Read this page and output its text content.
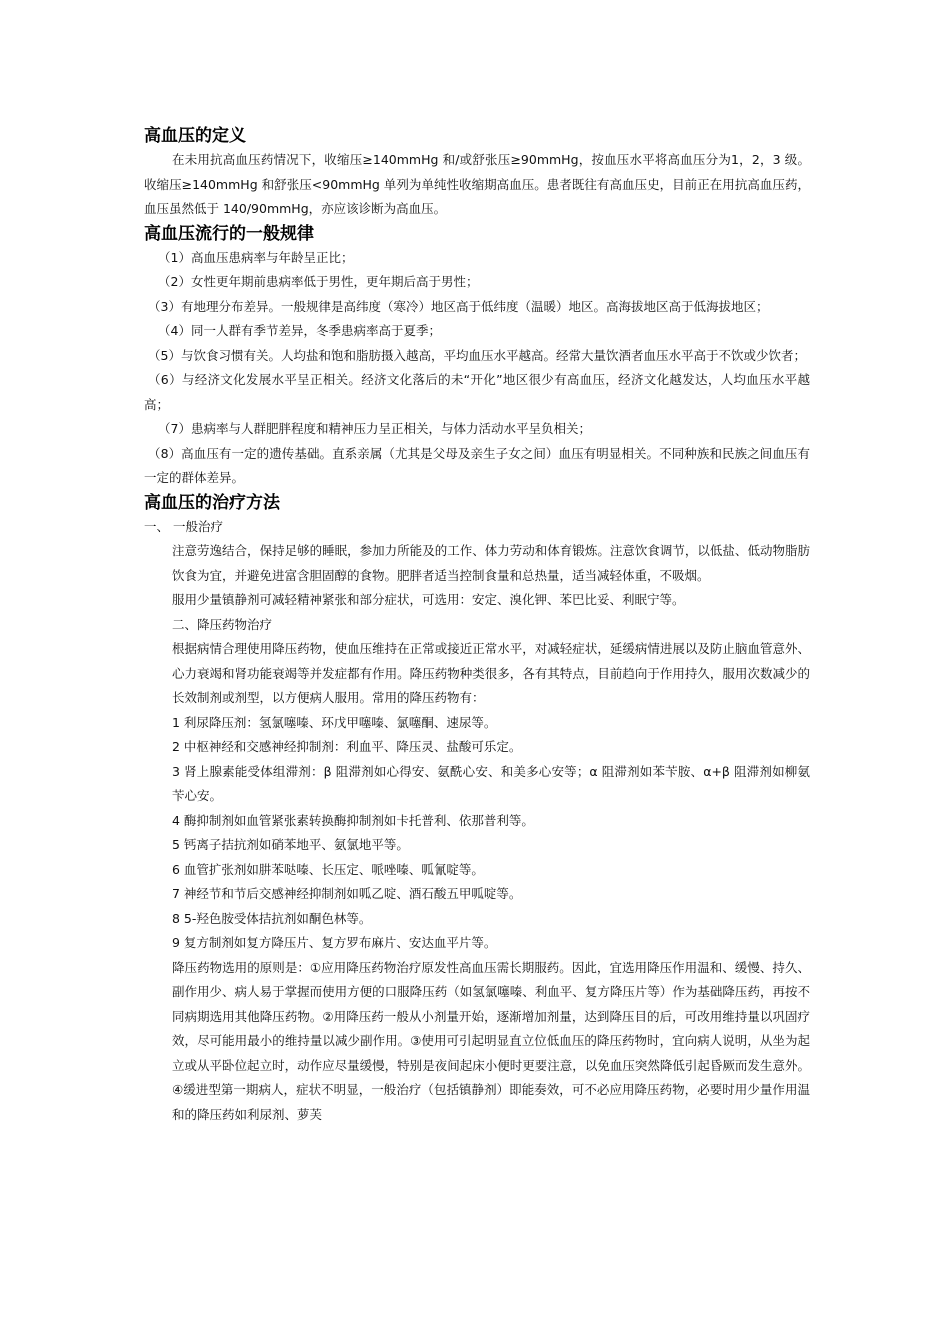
高血压的定义

在未用抗高血压药情况下，收缩压≥140mmHg 和/或舒张压≥90mmHg，按血压水平将高血压分为1，2，3 级。收缩压≥140mmHg 和舒张压<90mmHg 单列为单纯性收缩期高血压。患者既往有高血压史，目前正在用抗高血压药，血压虽然低于 140/90mmHg，亦应该诊断为高血压。

高血压流行的一般规律

（1）高血压患病率与年龄呈正比；

（2）女性更年期前患病率低于男性，更年期后高于男性；

（3）有地理分布差异。一般规律是高纬度（寒冷）地区高于低纬度（温暖）地区。高海拔地区高于低海拔地区；

（4）同一人群有季节差异，冬季患病率高于夏季；

（5）与饮食习惯有关。人均盐和饱和脂肪摄入越高，平均血压水平越高。经常大量饮酒者血压水平高于不饮或少饮者；

（6）与经济文化发展水平呈正相关。经济文化落后的未“开化”地区很少有高血压，经济文化越发达，人均血压水平越高；

（7）患病率与人群肥胖程度和精神压力呈正相关，与体力活动水平呈负相关；

（8）高血压有一定的遗传基础。直系亲属（尤其是父母及亲生子女之间）血压有明显相关。不同种族和民族之间血压有一定的群体差异。

高血压的治疗方法

一、 一般治疗

注意劳逸结合，保持足够的睡眠，参加力所能及的工作、体力劳动和体育锻炼。注意饮食调节，以低盐、低动物脂肪饮食为宜，并避免进富含胆固醇的食物。肥胖者适当控制食量和总热量，适当减轻体重，不吸烟。

服用少量镇静剂可减轻精神紧张和部分症状，可选用：安定、溴化钾、苯巴比妥、利眠宁等。

二、降压药物治疗

根据病情合理使用降压药物，使血压维持在正常或接近正常水平，对减轻症状，延缓病情进展以及防止脑血管意外、心力衰竭和肾功能衰竭等并发症都有作用。降压药物种类很多，各有其特点，目前趋向于作用持久，服用次数减少的长效制剂或剂型，以方便病人服用。常用的降压药物有：

1 利尿降压剂：氢氯噻嗪、环戊甲噻嗪、氯噻酮、速尿等。

2 中枢神经和交感神经抑制剂：利血平、降压灵、盐酸可乐定。

3 肾上腺素能受体组滞剂：β 阻滞剂如心得安、氨酰心安、和美多心安等；α 阻滞剂如苯苄胺、α+β 阻滞剂如柳氨苄心安。

4 酶抑制剂如血管紧张素转换酶抑制剂如卡托普利、依那普利等。

5 钙离子拮抗剂如硝苯地平、氨氯地平等。

6 血管扩张剂如肼苯哒嗪、长压定、哌唑嗪、呱氰啶等。

7 神经节和节后交感神经抑制剂如呱乙啶、酒石酸五甲呱啶等。

8 5-羟色胺受体拮抗剂如酮色林等。

9 复方制剂如复方降压片、复方罗布麻片、安达血平片等。

降压药物选用的原则是：①应用降压药物治疗原发性高血压需长期服药。因此，宜选用降压作用温和、缓慢、持久、副作用少、病人易于掌握而使用方便的口服降压药（如氢氯噻嗪、利血平、复方降压片等）作为基础降压药，再按不同病期选用其他降压药物。②用降压药一般从小剂量开始，逐渐增加剂量，达到降压目的后，可改用维持量以巩固疗效，尽可能用最小的维持量以减少副作用。③使用可引起明显直立位低血压的降压药物时，宜向病人说明，从坐为起立或从平卧位起立时，动作应尽量缓慢，特别是夜间起床小便时更要注意，以免血压突然降低引起昏厥而发生意外。④缓进型第一期病人，症状不明显，一般治疗（包括镇静剂）即能奏效，可不必应用降压药物，必要时用少量作用温和的降压药如利尿剂、萝芙
